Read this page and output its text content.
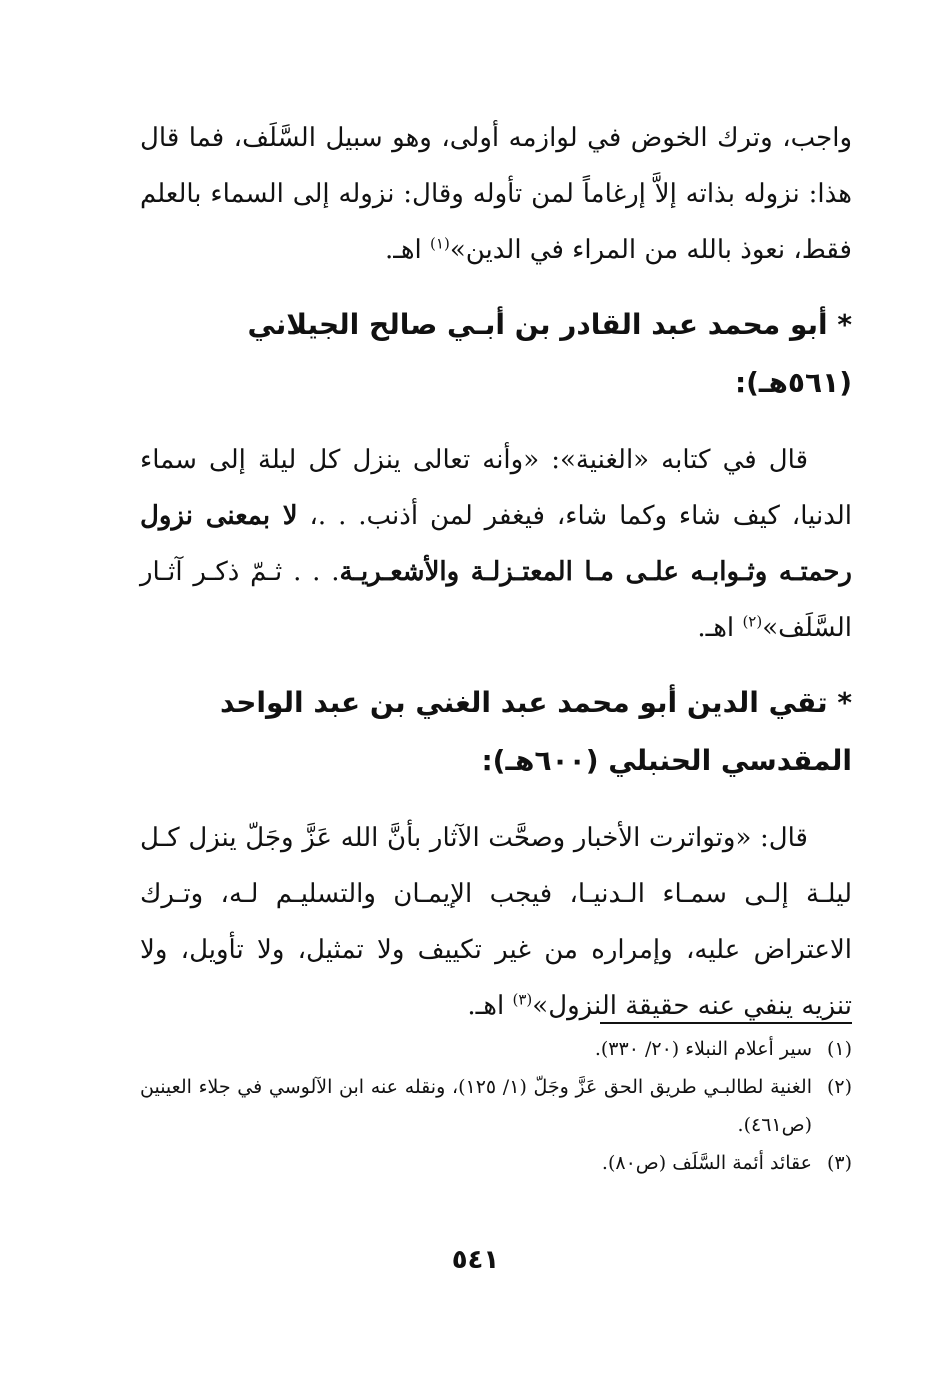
واجب، وترك الخوض في لوازمه أولى، وهو سبيل السَّلَف، فما قال هذا: نزوله بذاته إلاَّ إرغاماً لمن تأوله وقال: نزوله إلى السماء بالعلم فقط، نعوذ بالله من المراء في الدين»$^{(١)}$ اهـ.

* أبو محمد عبد القادر بن أبـي صالح الجيلاني (٥٦١هـ):

قال في كتابه «الغنية»: «وأنه تعالى ينزل كل ليلة إلى سماء الدنيا، كيف شاء وكما شاء، فيغفر لمن أذنب. . .، لا بمعنى نزول رحمتـه وثـوابـه علـى مـا المعتـزلـة والأشعـريـة. . . ثـمّ ذكـر آثـار السَّلَف»$^{(٢)}$ اهـ.

* تقي الدين أبو محمد عبد الغني بن عبد الواحد المقدسي الحنبلي (٦٠٠هـ):

قال: «وتواترت الأخبار وصحَّت الآثار بأنَّ الله عَزَّ وجَلّ ينزل كـل ليلـة إلـى سمـاء الـدنيـا، فيجب الإيمـان والتسليـم لـه، وتـرك الاعتراض عليه، وإمراره من غير تكييف ولا تمثيل، ولا تأويل، ولا تنزيه ينفي عنه حقيقة النزول»$^{(٣)}$ اهـ.

(١)سير أعلام النبلاء (٢٠/ ٣٣٠).

(٢)الغنية لطالبـي طريق الحق عَزَّ وجَلّ (١/ ١٢٥)، ونقله عنه ابن الآلوسي في جلاء العينين (ص٤٦١).

(٣)عقائد أئمة السَّلَف (ص٨٠).

٥٤١
